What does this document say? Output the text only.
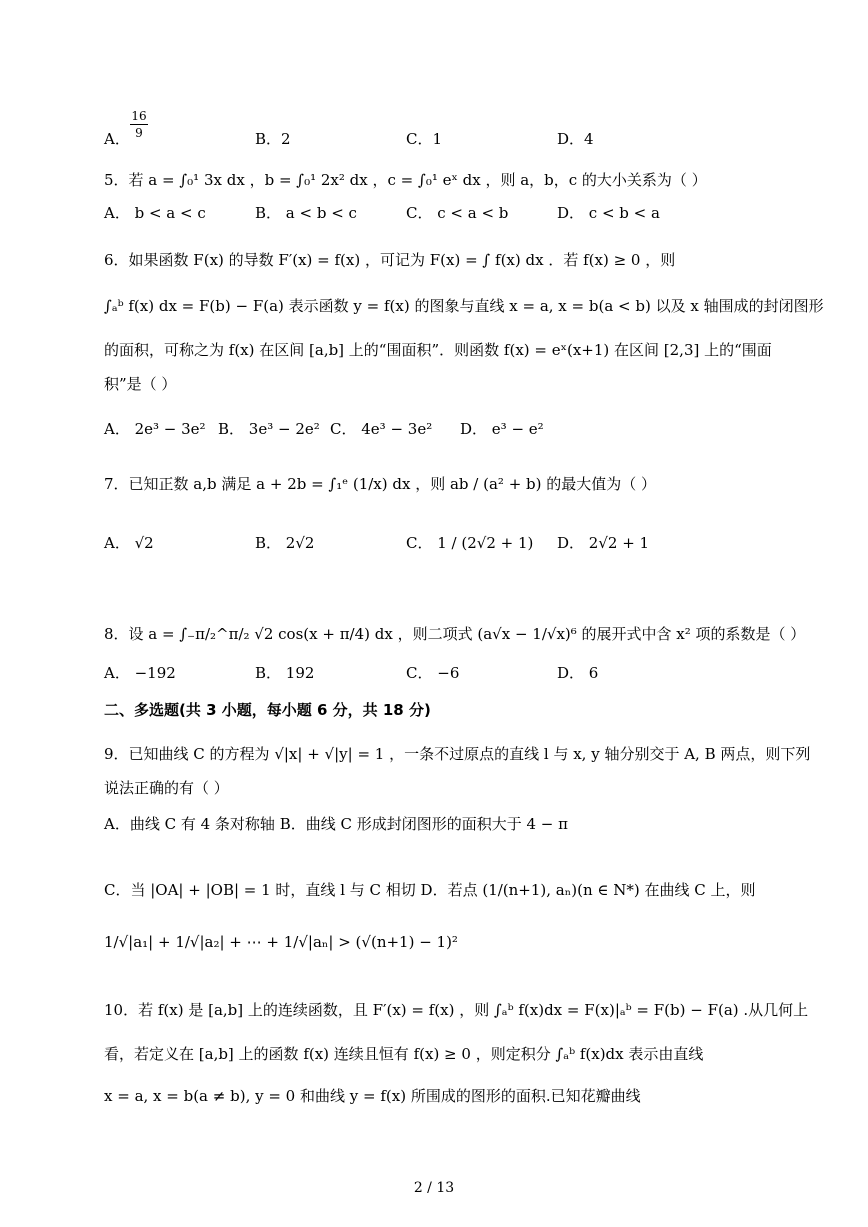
A． $\frac{16}{9}$	B．2	C．1	D．4
5．若 a = ∫₀¹ 3x dx ，b = ∫₀¹ 2x² dx ，c = ∫₀¹ eˣ dx ，则 a，b，c 的大小关系为（ ）
A． b < a < c	B． a < b < c	C． c < a < b	D． c < b < a
6．如果函数 F(x) 的导数 F′(x) = f(x) ，可记为 F(x) = ∫ f(x) dx ．若 f(x) ≥ 0 ，则
∫ₐᵇ f(x) dx = F(b) − F(a) 表示函数 y = f(x) 的图象与直线 x = a, x = b(a < b) 以及 x 轴围成的封闭图形
的面积，可称之为 f(x) 在区间 [a,b] 上的“围面积”．则函数 f(x) = eˣ(x+1) 在区间 [2,3] 上的“围面
积”是（ ）
A． 2e³ − 3e² B． 3e³ − 2e² C． 4e³ − 3e² D． e³ − e²
7．已知正数 a,b 满足 a + 2b = ∫₁ᵉ (1/x) dx ，则 ab / (a² + b) 的最大值为（ ）
A． √2	B． 2√2	C． 1 / (2√2 + 1) D． 2√2 + 1
8．设 a = ∫₋π/₂^π/₂ √2 cos(x + π/4) dx ，则二项式 (a√x − 1/√x)⁶ 的展开式中含 x² 项的系数是（ ）
A． −192	B． 192	C． −6	D． 6
二、多选题(共 3 小题，每小题 6 分，共 18 分)
9．已知曲线 C 的方程为 √|x| + √|y| = 1 ，一条不过原点的直线 l 与 x, y 轴分别交于 A, B 两点，则下列
说法正确的有（ ）
A．曲线 C 有 4 条对称轴 B．曲线 C 形成封闭图形的面积大于 4 − π
C．当 |OA| + |OB| = 1 时，直线 l 与 C 相切 D．若点 (1/(n+1), aₙ)(n ∈ N*) 在曲线 C 上，则
1/√|a₁| + 1/√|a₂| + ⋯ + 1/√|aₙ| > (√(n+1) − 1)²
10．若 f(x) 是 [a,b] 上的连续函数，且 F′(x) = f(x) ，则 ∫ₐᵇ f(x)dx = F(x)|ₐᵇ = F(b) − F(a) .从几何上
看，若定义在 [a,b] 上的函数 f(x) 连续且恒有 f(x) ≥ 0 ，则定积分 ∫ₐᵇ f(x)dx 表示由直线
x = a, x = b(a ≠ b), y = 0 和曲线 y = f(x) 所围成的图形的面积.已知花瓣曲线
2 / 13
